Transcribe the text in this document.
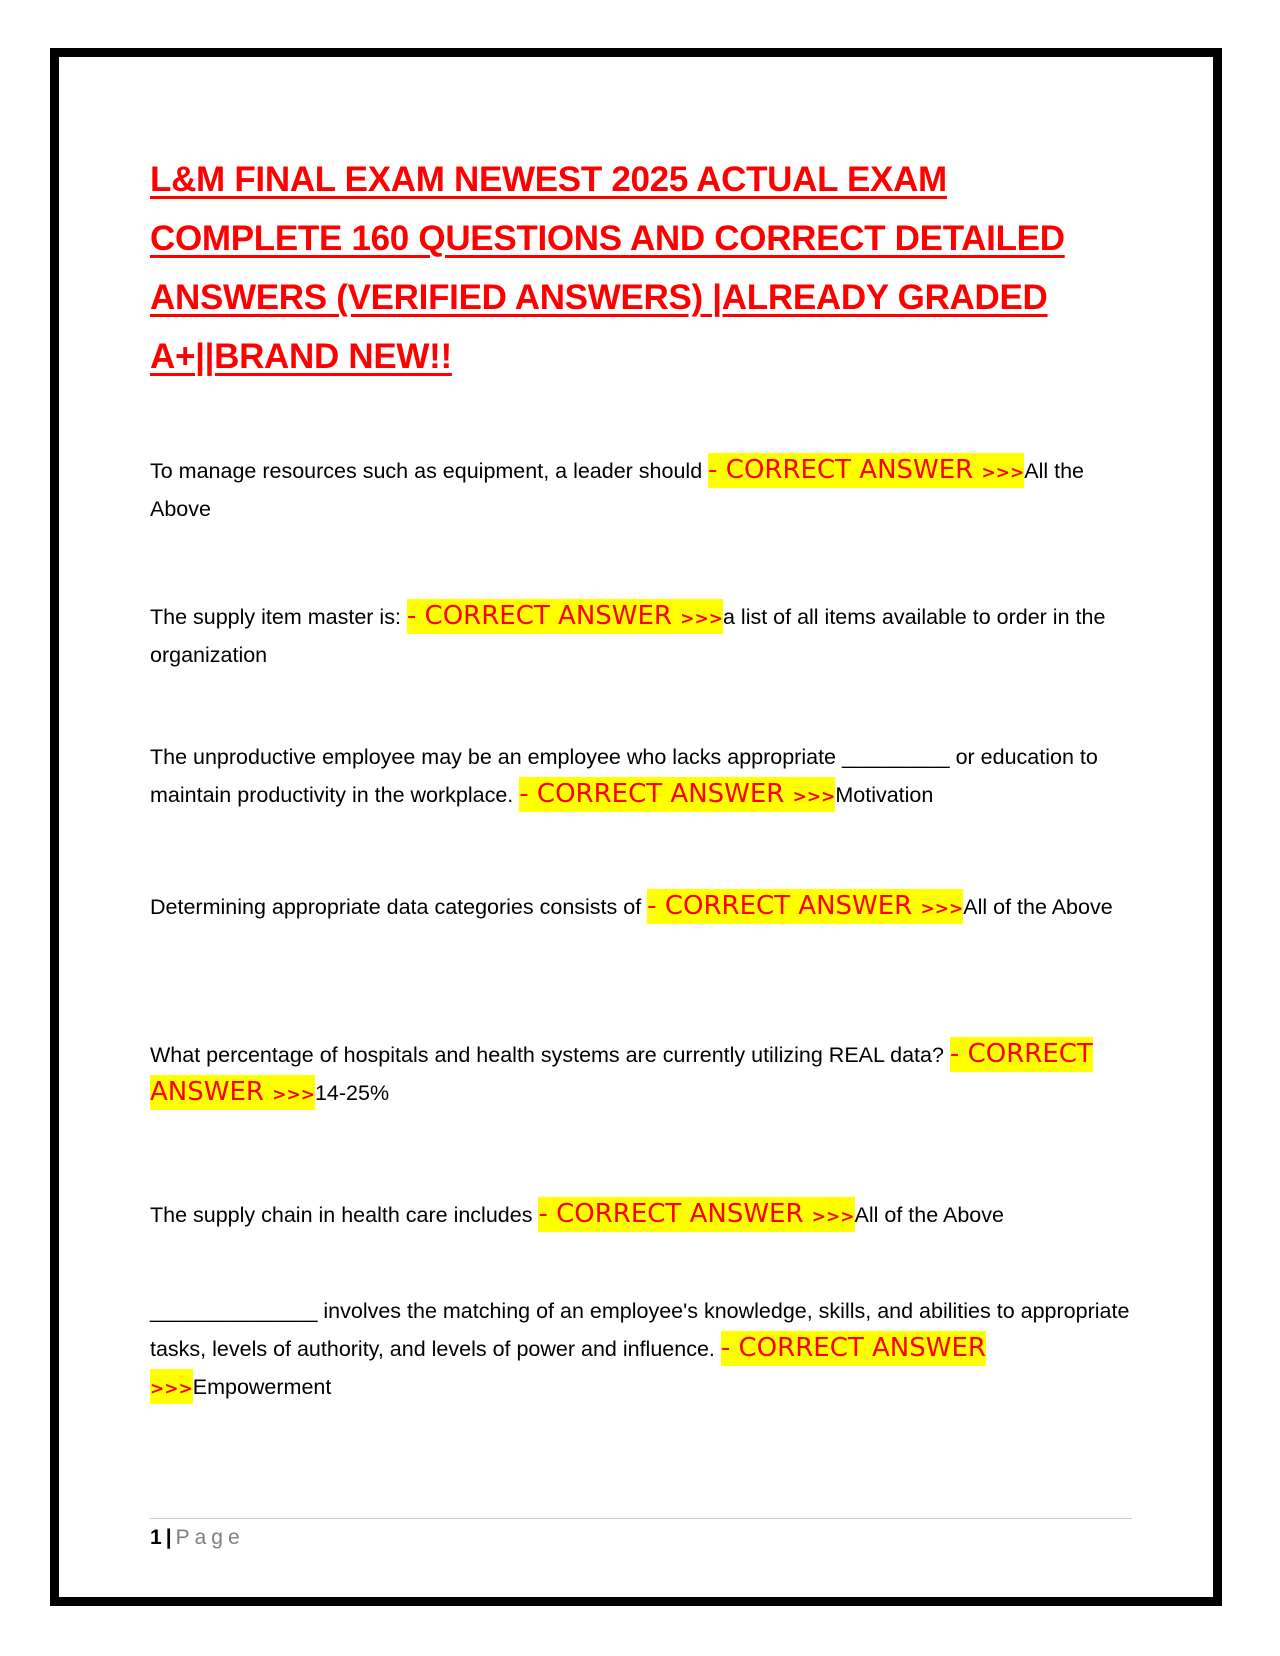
L&M FINAL EXAM NEWEST 2025 ACTUAL EXAM COMPLETE 160 QUESTIONS AND CORRECT DETAILED ANSWERS (VERIFIED ANSWERS) |ALREADY GRADED A+||BRAND NEW!!

To manage resources such as equipment, a leader should - CORRECT ANSWER >>>All the Above

The supply item master is: - CORRECT ANSWER >>>a list of all items available to order in the organization

The unproductive employee may be an employee who lacks appropriate _________ or education to maintain productivity in the workplace. - CORRECT ANSWER >>>Motivation

Determining appropriate data categories consists of - CORRECT ANSWER >>>All of the Above

What percentage of hospitals and health systems are currently utilizing REAL data? - CORRECT ANSWER >>>14-25%

The supply chain in health care includes - CORRECT ANSWER >>>All of the Above

______________ involves the matching of an employee's knowledge, skills, and abilities to appropriate tasks, levels of authority, and levels of power and influence. - CORRECT ANSWER >>>Empowerment

1 | Page
